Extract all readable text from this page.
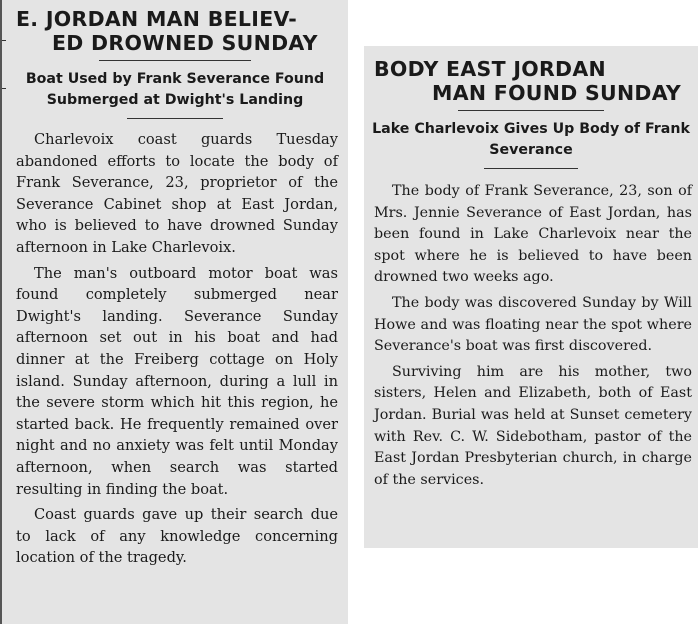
E. JORDAN MAN BELIEV-
ED DROWNED SUNDAY
Boat Used by Frank Severance Found Submerged at Dwight's Landing

Charlevoix coast guards Tuesday abandoned efforts to locate the body of Frank Severance, 23, proprietor of the Severance Cabinet shop at East Jordan, who is believed to have drowned Sunday afternoon in Lake Charlevoix.

The man's outboard motor boat was found completely submerged near Dwight's landing. Severance Sunday afternoon set out in his boat and had dinner at the Freiberg cottage on Holy island. Sunday afternoon, during a lull in the severe storm which hit this region, he started back. He frequently remained over night and no anxiety was felt until Monday afternoon, when search was started resulting in finding the boat.

Coast guards gave up their search due to lack of any knowledge concerning location of the tragedy.

BODY EAST JORDAN
MAN FOUND SUNDAY
Lake Charlevoix Gives Up Body of Frank Severance

The body of Frank Severance, 23, son of Mrs. Jennie Severance of East Jordan, has been found in Lake Charlevoix near the spot where he is believed to have been drowned two weeks ago.

The body was discovered Sunday by Will Howe and was floating near the spot where Severance's boat was first discovered.

Surviving him are his mother, two sisters, Helen and Elizabeth, both of East Jordan. Burial was held at Sunset cemetery with Rev. C. W. Sidebotham, pastor of the East Jordan Presbyterian church, in charge of the services.
